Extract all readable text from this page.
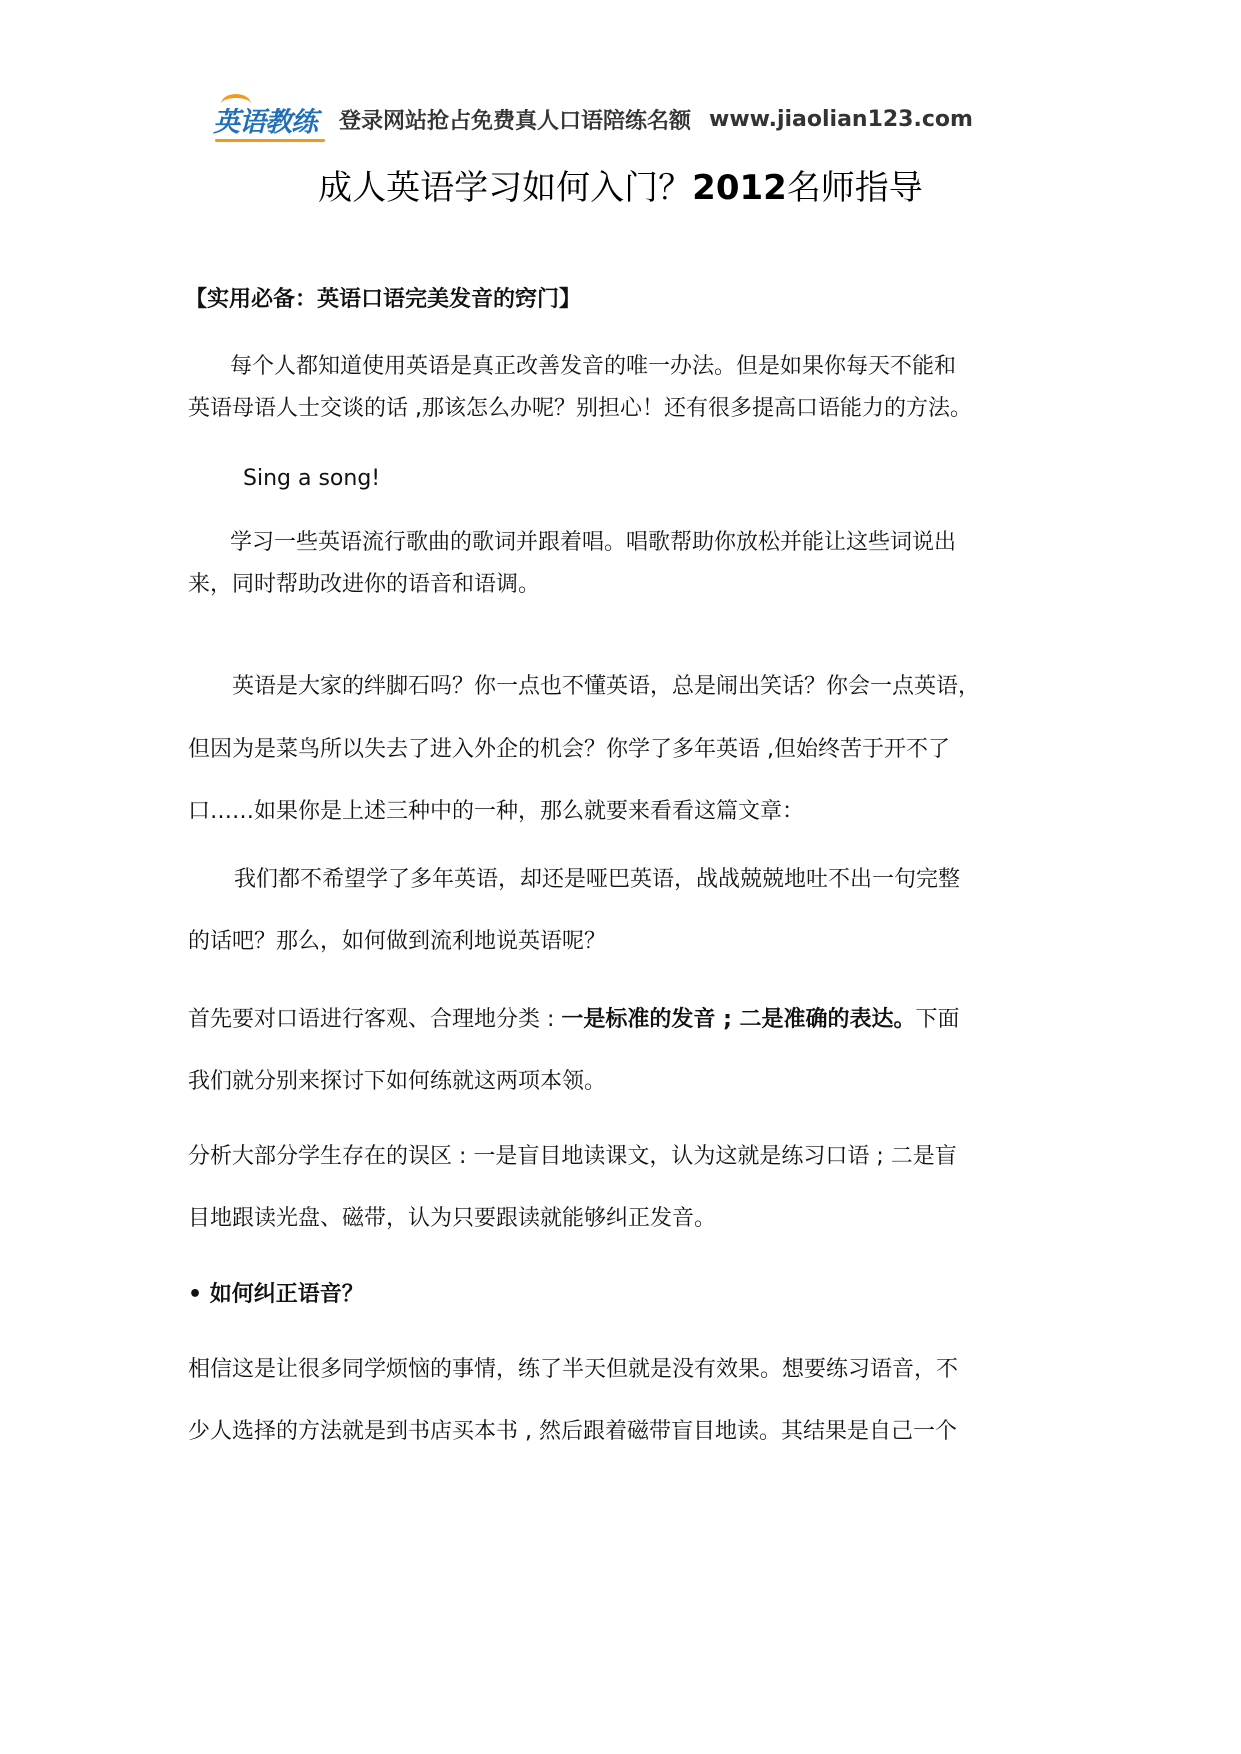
英语教练 登录网站抢占免费真人口语陪练名额 www.jiaolian123.com
成人英语学习如何入门？2012名师指导
【实用必备：英语口语完美发音的窍门】
每个人都知道使用英语是真正改善发音的唯一办法。但是如果你每天不能和
英语母语人士交谈的话 ,那该怎么办呢？别担心！还有很多提高口语能力的方法。
Sing a song!
学习一些英语流行歌曲的歌词并跟着唱。唱歌帮助你放松并能让这些词说出
来，同时帮助改进你的语音和语调。
英语是大家的绊脚石吗？你一点也不懂英语，总是闹出笑话？你会一点英语，
但因为是菜鸟所以失去了进入外企的机会？你学了多年英语 ,但始终苦于开不了
口……如果你是上述三种中的一种，那么就要来看看这篇文章：
我们都不希望学了多年英语，却还是哑巴英语，战战兢兢地吐不出一句完整
的话吧？那么，如何做到流利地说英语呢？
首先要对口语进行客观、合理地分类 : 一是标准的发音 ; 二是准确的表达。下面
我们就分别来探讨下如何练就这两项本领。
分析大部分学生存在的误区 : 一是盲目地读课文，认为这就是练习口语 ; 二是盲
目地跟读光盘、磁带，认为只要跟读就能够纠正发音。
• 如何纠正语音？
相信这是让很多同学烦恼的事情，练了半天但就是没有效果。想要练习语音，不
少人选择的方法就是到书店买本书 , 然后跟着磁带盲目地读。其结果是自己一个
